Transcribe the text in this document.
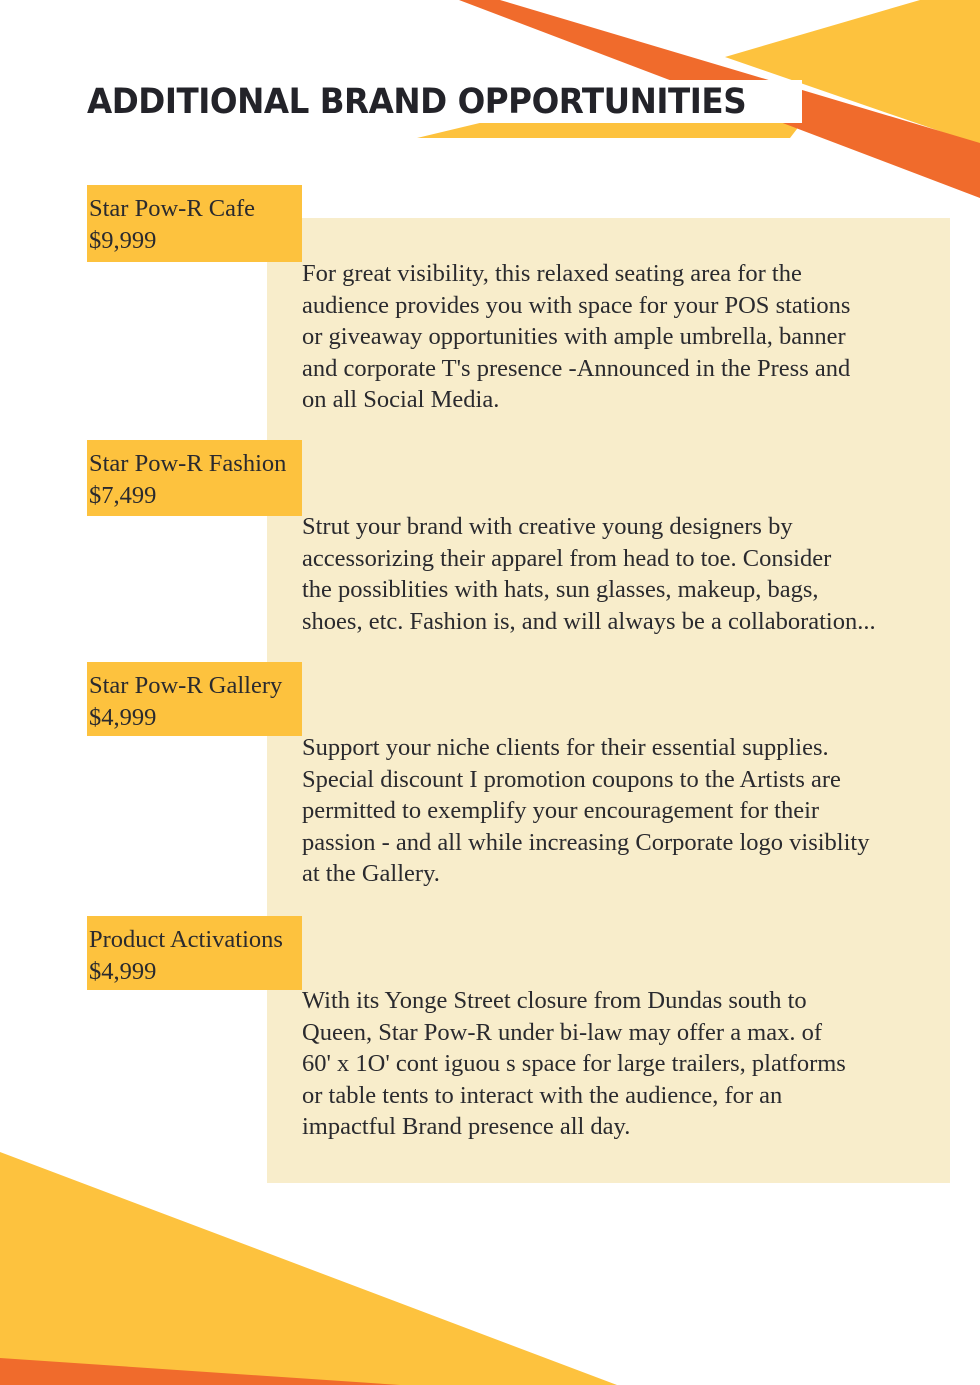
ADDITIONAL BRAND OPPORTUNITIES
Star Pow-R Cafe
$9,999
For great visibility, this relaxed seating area for the
audience provides you with space for your POS stations
or giveaway opportunities with ample umbrella, banner
and corporate T's presence -Announced in the Press and
on all Social Media.
Star Pow-R Fashion
$7,499
Strut your brand with creative young designers by
accessorizing their apparel from head to toe. Consider
the possiblities with hats, sun glasses, makeup, bags,
shoes, etc. Fashion is, and will always be a collaboration...
Star Pow-R Gallery
$4,999
Support your niche clients for their essential supplies.
Special discount I promotion coupons to the Artists are
permitted to exemplify your encouragement for their
passion - and all while increasing Corporate logo visiblity
at the Gallery.
Product Activations
$4,999
With its Yonge Street closure from Dundas south to
Queen, Star Pow-R under bi-law may offer a max. of
60' x 1O' cont iguou s space for large trailers, platforms
or table tents to interact with the audience, for an
impactful Brand presence all day.
